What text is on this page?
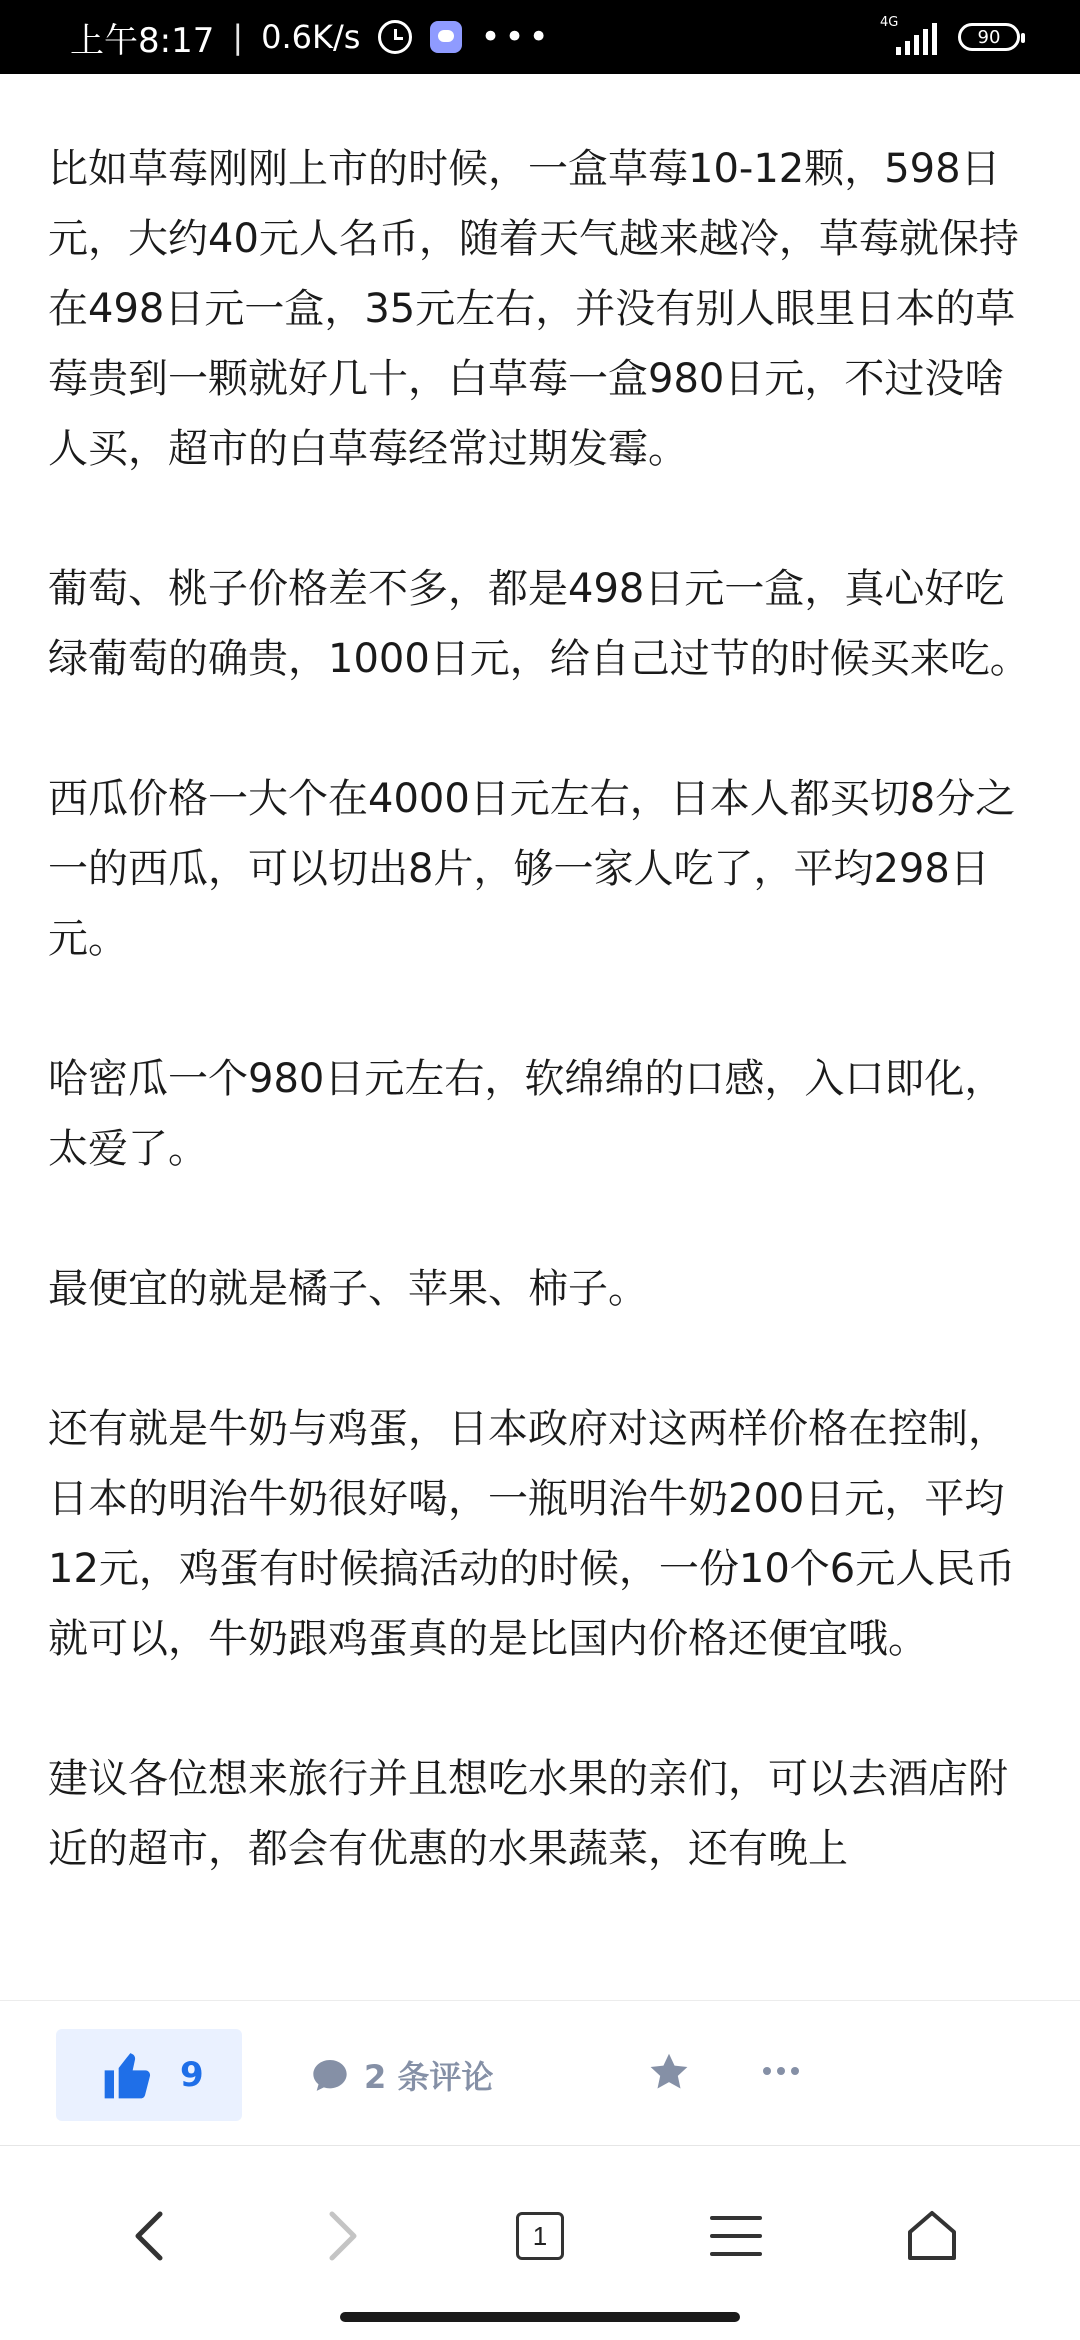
上午8:17 | 0.6K/s	•••	4G
90

比如草莓刚刚上市的时候，一盒草莓10-12颗，598日元，大约40元人名币，随着天气越来越冷，草莓就保持在498日元一盒，35元左右，并没有别人眼里日本的草莓贵到一颗就好几十，白草莓一盒980日元，不过没啥人买，超市的白草莓经常过期发霉。

葡萄、桃子价格差不多，都是498日元一盒，真心好吃绿葡萄的确贵，1000日元，给自己过节的时候买来吃。

西瓜价格一大个在4000日元左右，日本人都买切8分之一的西瓜，可以切出8片，够一家人吃了，平均298日元。

哈密瓜一个980日元左右，软绵绵的口感，入口即化，太爱了。

最便宜的就是橘子、苹果、柿子。

还有就是牛奶与鸡蛋，日本政府对这两样价格在控制，日本的明治牛奶很好喝，一瓶明治牛奶200日元，平均12元，鸡蛋有时候搞活动的时候，一份10个6元人民币就可以，牛奶跟鸡蛋真的是比国内价格还便宜哦。

建议各位想来旅行并且想吃水果的亲们，可以去酒店附近的超市，都会有优惠的水果蔬菜，还有晚上

9	2 条评论
1
